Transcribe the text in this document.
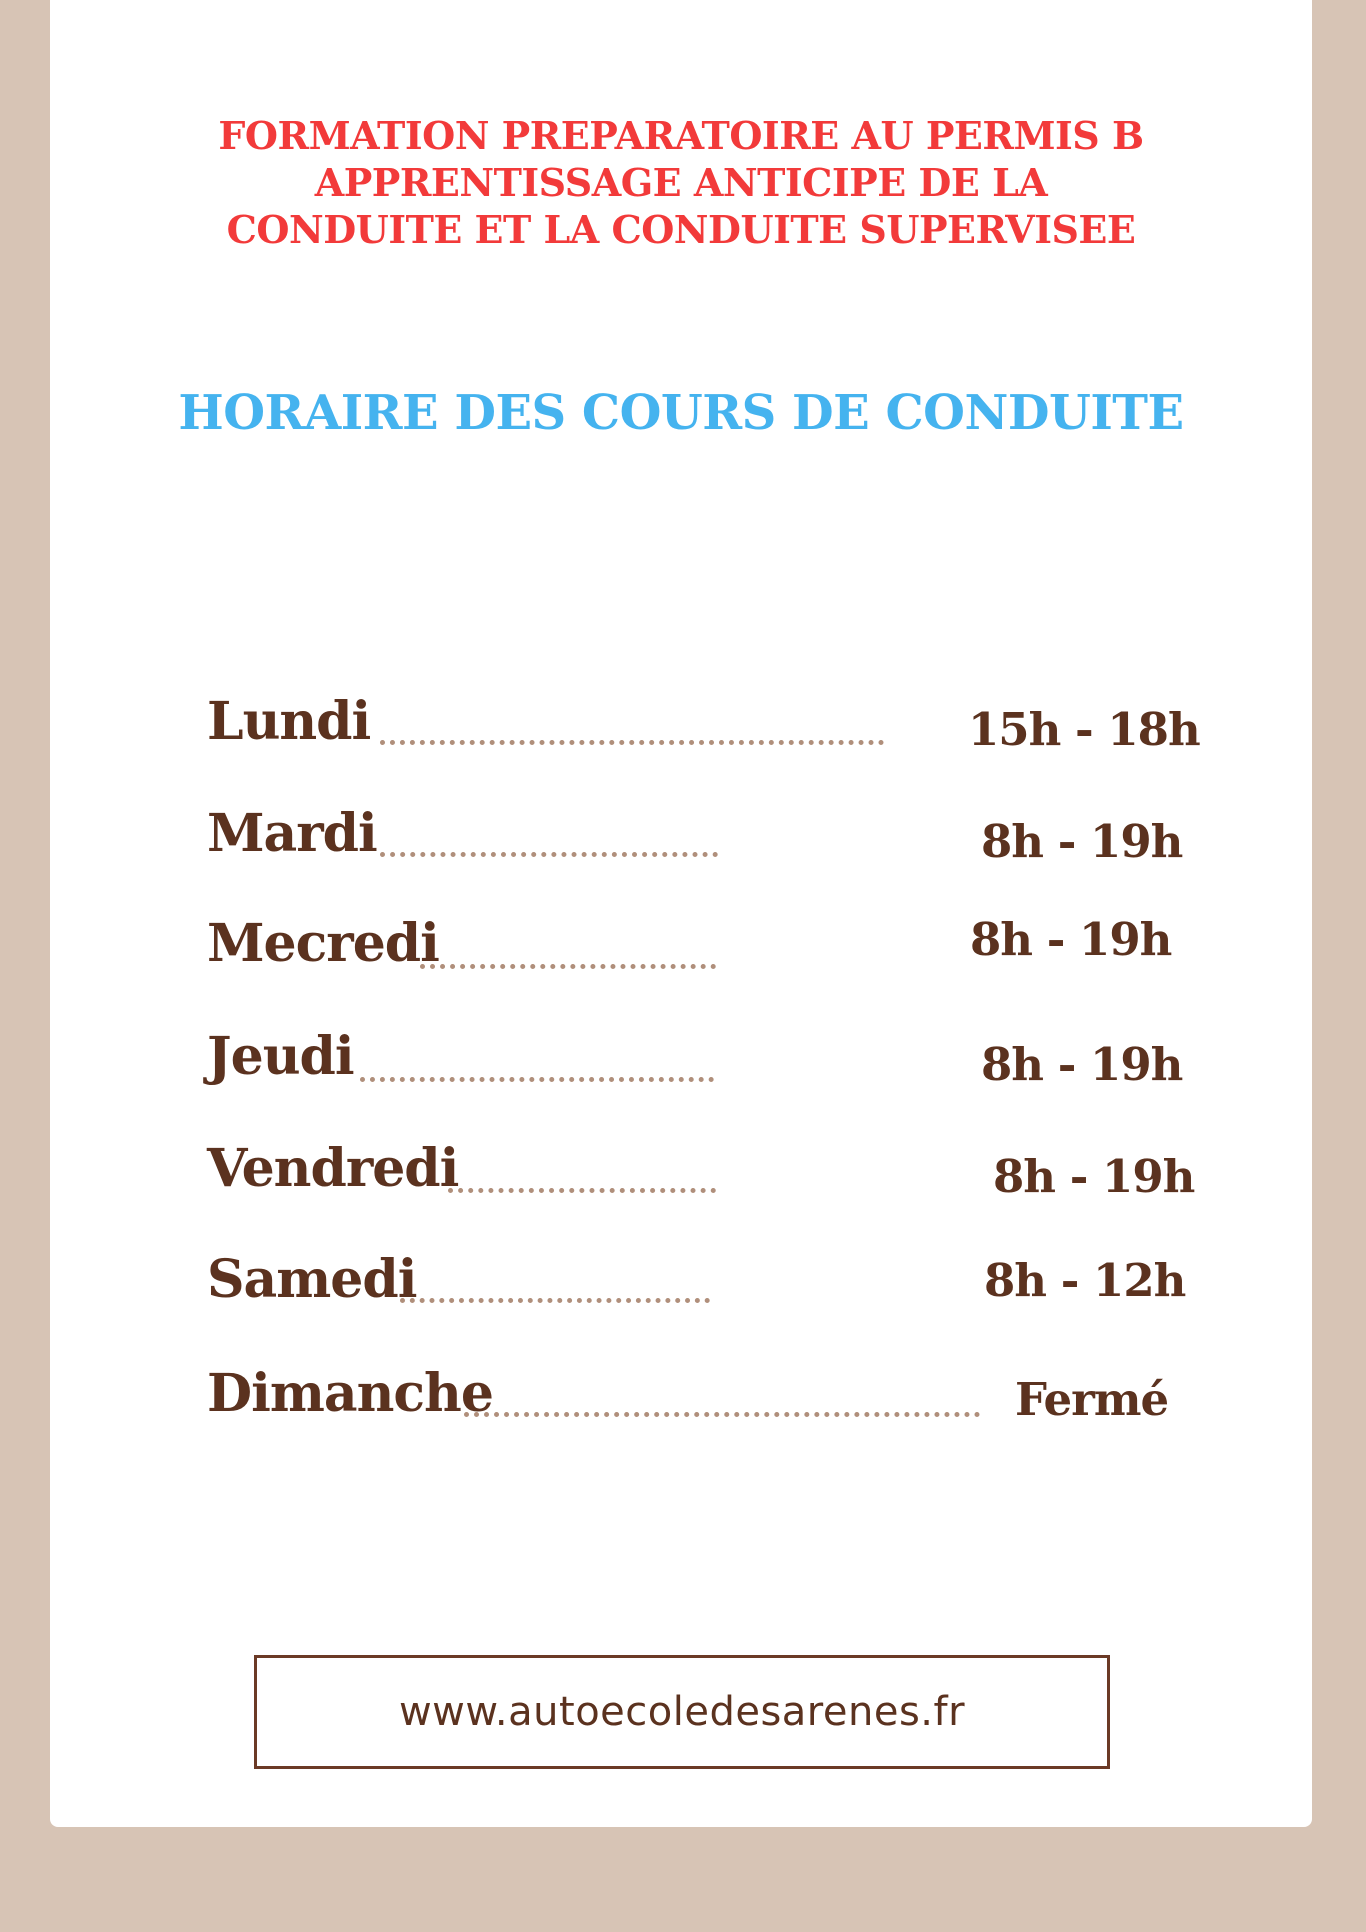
FORMATION PREPARATOIRE AU PERMIS B
APPRENTISSAGE ANTICIPE DE LA
CONDUITE ET LA CONDUITE SUPERVISEE
HORAIRE DES COURS DE CONDUITE
Lundi	15h - 18h
Mardi	8h - 19h
Mecredi	8h - 19h
Jeudi	8h - 19h
Vendredi	8h - 19h
Samedi	8h - 12h
Dimanche	Fermé
www.autoecoledesarenes.fr
